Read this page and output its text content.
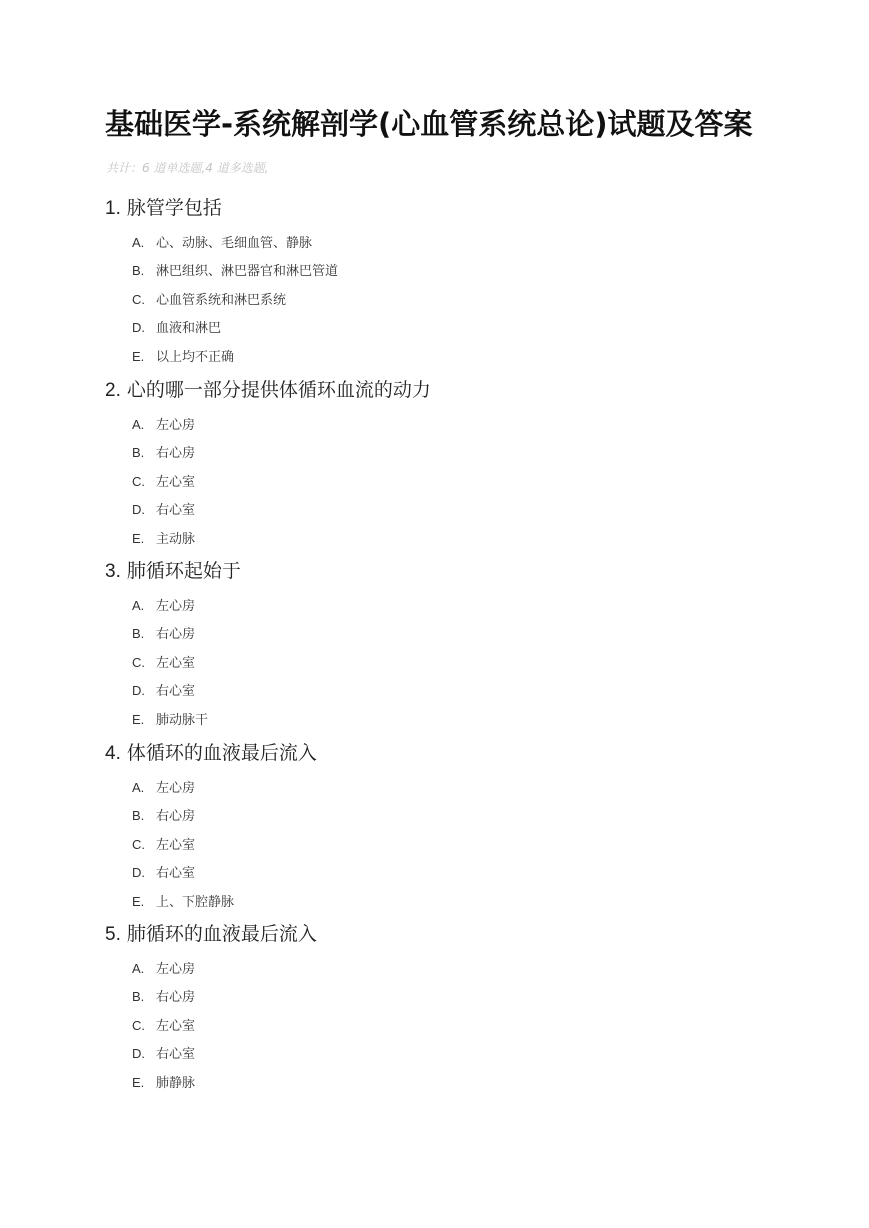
基础医学-系统解剖学(心血管系统总论)试题及答案
共计：6 道单选题,4 道多选题,

1. 脉管学包括

A. 心、动脉、毛细血管、静脉
B. 淋巴组织、淋巴器官和淋巴管道
C. 心血管系统和淋巴系统
D. 血液和淋巴
E. 以上均不正确

2. 心的哪一部分提供体循环血流的动力

A. 左心房
B. 右心房
C. 左心室
D. 右心室
E. 主动脉

3. 肺循环起始于

A. 左心房
B. 右心房
C. 左心室
D. 右心室
E. 肺动脉干

4. 体循环的血液最后流入

A. 左心房
B. 右心房
C. 左心室
D. 右心室
E. 上、下腔静脉

5. 肺循环的血液最后流入

A. 左心房
B. 右心房
C. 左心室
D. 右心室
E. 肺静脉
